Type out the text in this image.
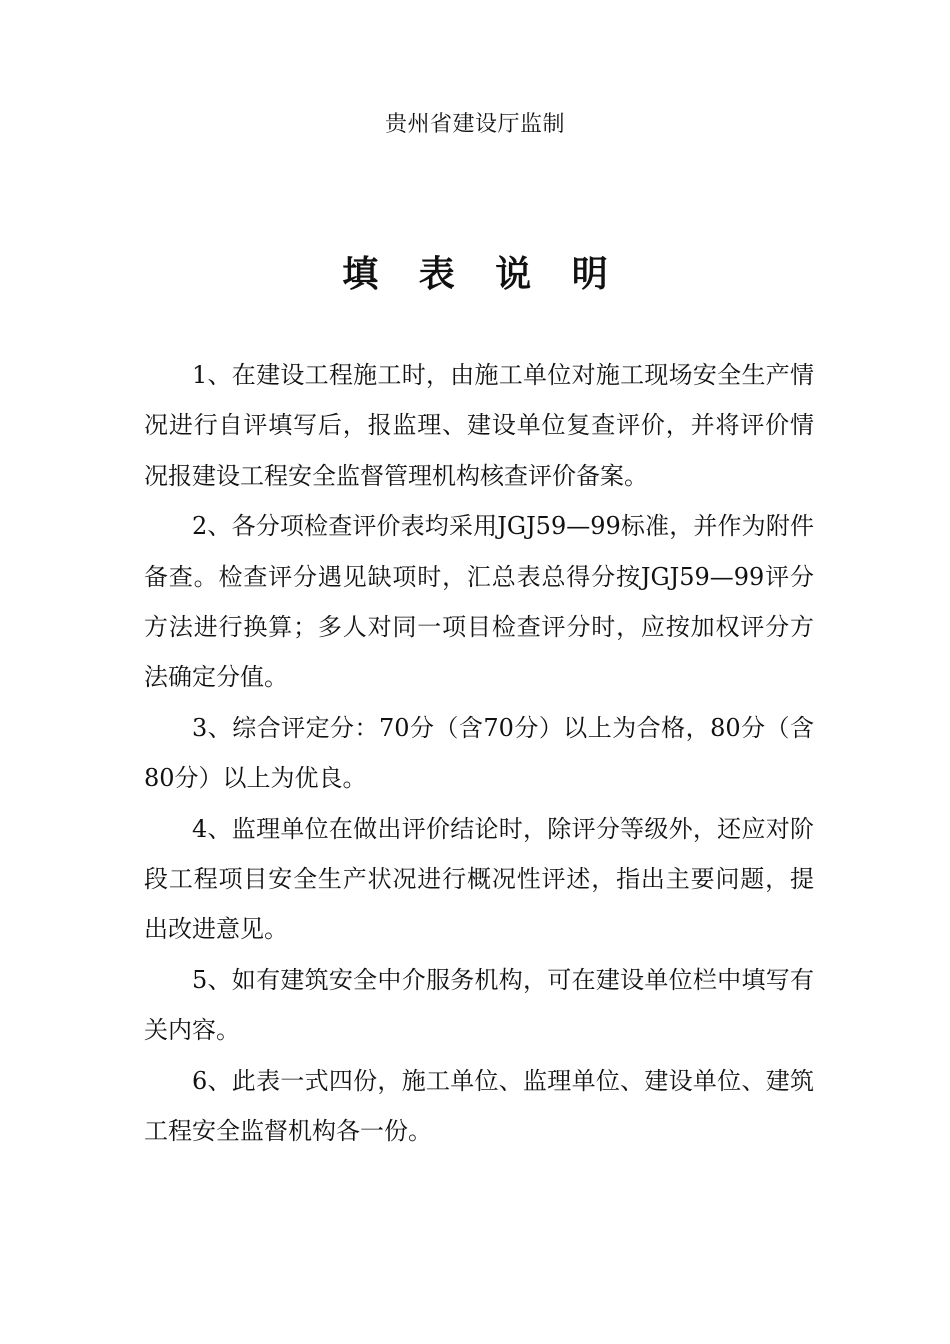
贵州省建设厅监制
填 表 说 明

1、在建设工程施工时，由施工单位对施工现场安全生产情况进行自评填写后，报监理、建设单位复查评价，并将评价情况报建设工程安全监督管理机构核查评价备案。

2、各分项检查评价表均采用JGJ59—99标准，并作为附件备查。检查评分遇见缺项时，汇总表总得分按JGJ59—99评分方法进行换算；多人对同一项目检查评分时，应按加权评分方法确定分值。

3、综合评定分：70分（含70分）以上为合格，80分（含80分）以上为优良。

4、监理单位在做出评价结论时，除评分等级外，还应对阶段工程项目安全生产状况进行概况性评述，指出主要问题，提出改进意见。

5、如有建筑安全中介服务机构，可在建设单位栏中填写有关内容。

6、此表一式四份，施工单位、监理单位、建设单位、建筑工程安全监督机构各一份。
